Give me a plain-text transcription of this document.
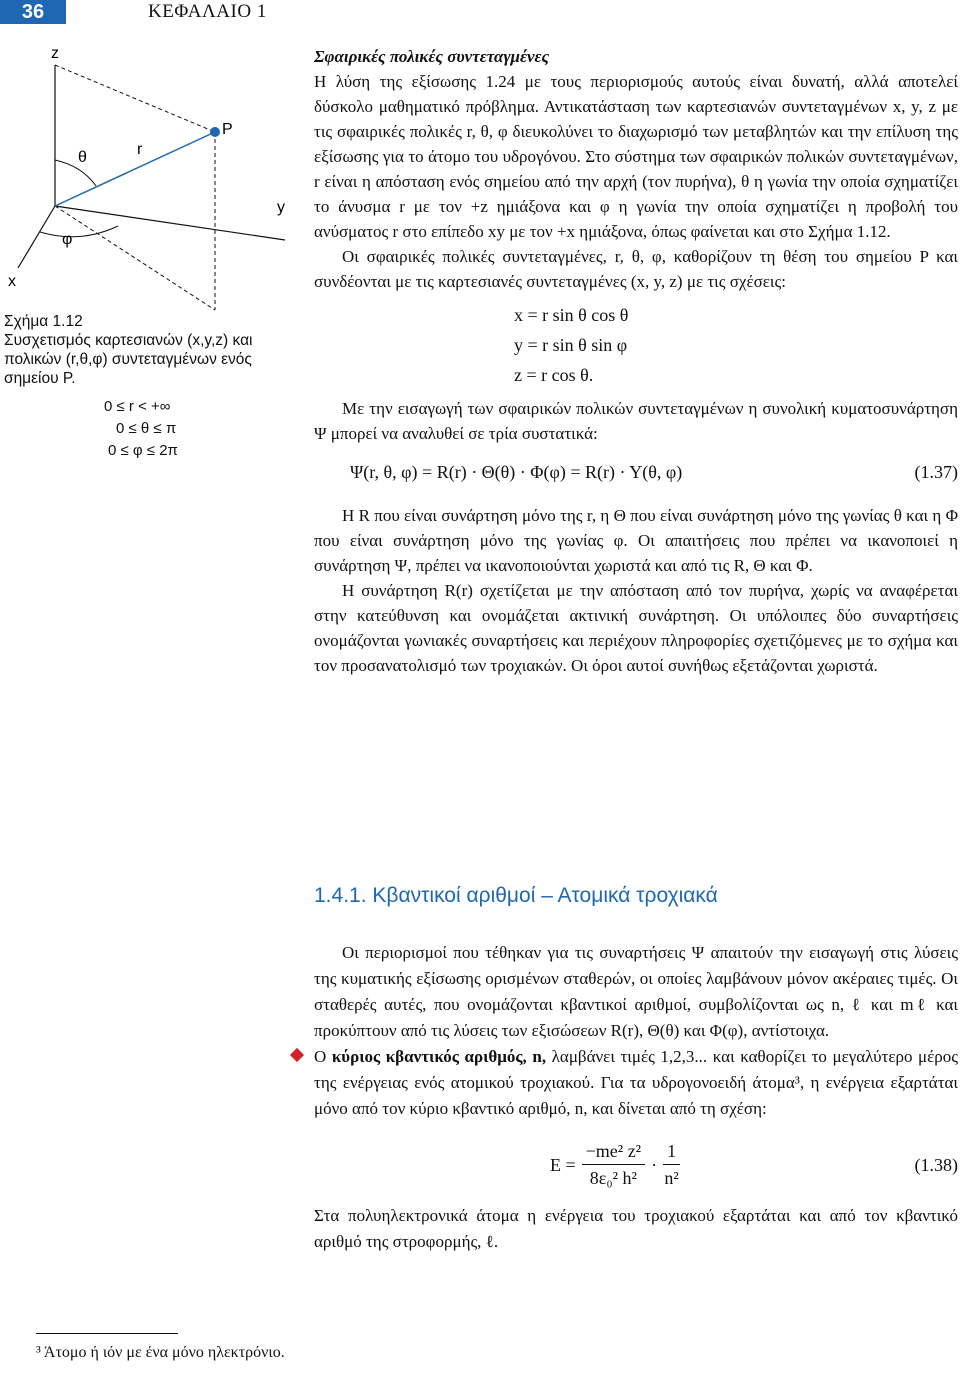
36	ΚΕΦΑΛΑΙΟ 1
z
θ	r
P
y
φ
x
Σχήμα 1.12
Συσχετισμός καρτεσιανών (x,y,z) και πολικών (r,θ,φ) συντεταγμένων ενός σημείου P.
0 ≤ r < +∞
0 ≤ θ ≤ π
0 ≤ φ ≤ 2π

Σφαιρικές πολικές συντεταγμένες

Η λύση της εξίσωσης 1.24 με τους περιορισμούς αυτούς είναι δυνατή, αλλά αποτελεί δύσκολο μαθηματικό πρόβλημα. Αντικατάσταση των καρτεσιανών συντεταγμένων x, y, z με τις σφαιρικές πολικές r, θ, φ διευκολύνει το διαχωρισμό των μεταβλητών και την επίλυση της εξίσωσης για το άτομο του υδρογόνου. Στο σύστημα των σφαιρικών πολικών συντεταγμένων, r είναι η απόσταση ενός σημείου από την αρχή (τον πυρήνα), θ η γωνία την οποία σχηματίζει το άνυσμα r με τον +z ημιάξονα και φ η γωνία την οποία σχηματίζει η προβολή του ανύσματος r στο επίπεδο xy με τον +x ημιάξονα, όπως φαίνεται και στο Σχήμα 1.12.

Οι σφαιρικές πολικές συντεταγμένες, r, θ, φ, καθορίζουν τη θέση του σημείου P και συνδέονται με τις καρτεσιανές συντεταγμένες (x, y, z) με τις σχέσεις:

x = r sin θ cos θ
y = r sin θ sin φ
z = r cos θ.

Με την εισαγωγή των σφαιρικών πολικών συντεταγμένων η συνολική κυματοσυνάρτηση Ψ μπορεί να αναλυθεί σε τρία συστατικά:

Ψ(r, θ, φ) = R(r) · Θ(θ) · Φ(φ) = R(r) · Y(θ, φ)	(1.37)

Η R που είναι συνάρτηση μόνο της r, η Θ που είναι συνάρτηση μόνο της γωνίας θ και η Φ που είναι συνάρτηση μόνο της γωνίας φ. Οι απαιτήσεις που πρέπει να ικανοποιεί η συνάρτηση Ψ, πρέπει να ικανοποιούνται χωριστά και από τις R, Θ και Φ.

Η συνάρτηση R(r) σχετίζεται με την απόσταση από τον πυρήνα, χωρίς να αναφέρεται στην κατεύθυνση και ονομάζεται ακτινική συνάρτηση. Οι υπόλοιπες δύο συναρτήσεις ονομάζονται γωνιακές συναρτήσεις και περιέχουν πληροφορίες σχετιζόμενες με το σχήμα και τον προσανατολισμό των τροχιακών. Οι όροι αυτοί συνήθως εξετάζονται χωριστά.

1.4.1. Κβαντικοί αριθμοί – Ατομικά τροχιακά

Οι περιορισμοί που τέθηκαν για τις συναρτήσεις Ψ απαιτούν την εισαγωγή στις λύσεις της κυματικής εξίσωσης ορισμένων σταθερών, οι οποίες λαμβάνουν μόνον ακέραιες τιμές. Οι σταθερές αυτές, που ονομάζονται κβαντικοί αριθμοί, συμβολίζονται ως n, ℓ και mℓ και προκύπτουν από τις λύσεις των εξισώσεων R(r), Θ(θ) και Φ(φ), αντίστοιχα.

Ο κύριος κβαντικός αριθμός, n, λαμβάνει τιμές 1,2,3... και καθορίζει το μεγαλύτερο μέρος της ενέργειας ενός ατομικού τροχιακού. Για τα υδρογονοειδή άτομα³, η ενέργεια εξαρτάται μόνο από τον κύριο κβαντικό αριθμό, n, και δίνεται από τη σχέση:

$E = \frac{\text{−me² z²}}{\text{8ε₀² h²}} \cdot \frac{1}{\text{n²}}$	(1.38)

Στα πολυηλεκτρονικά άτομα η ενέργεια του τροχιακού εξαρτάται και από τον κβαντικό αριθμό της στροφορμής, ℓ.

³ Άτομο ή ιόν με ένα μόνο ηλεκτρόνιο.
